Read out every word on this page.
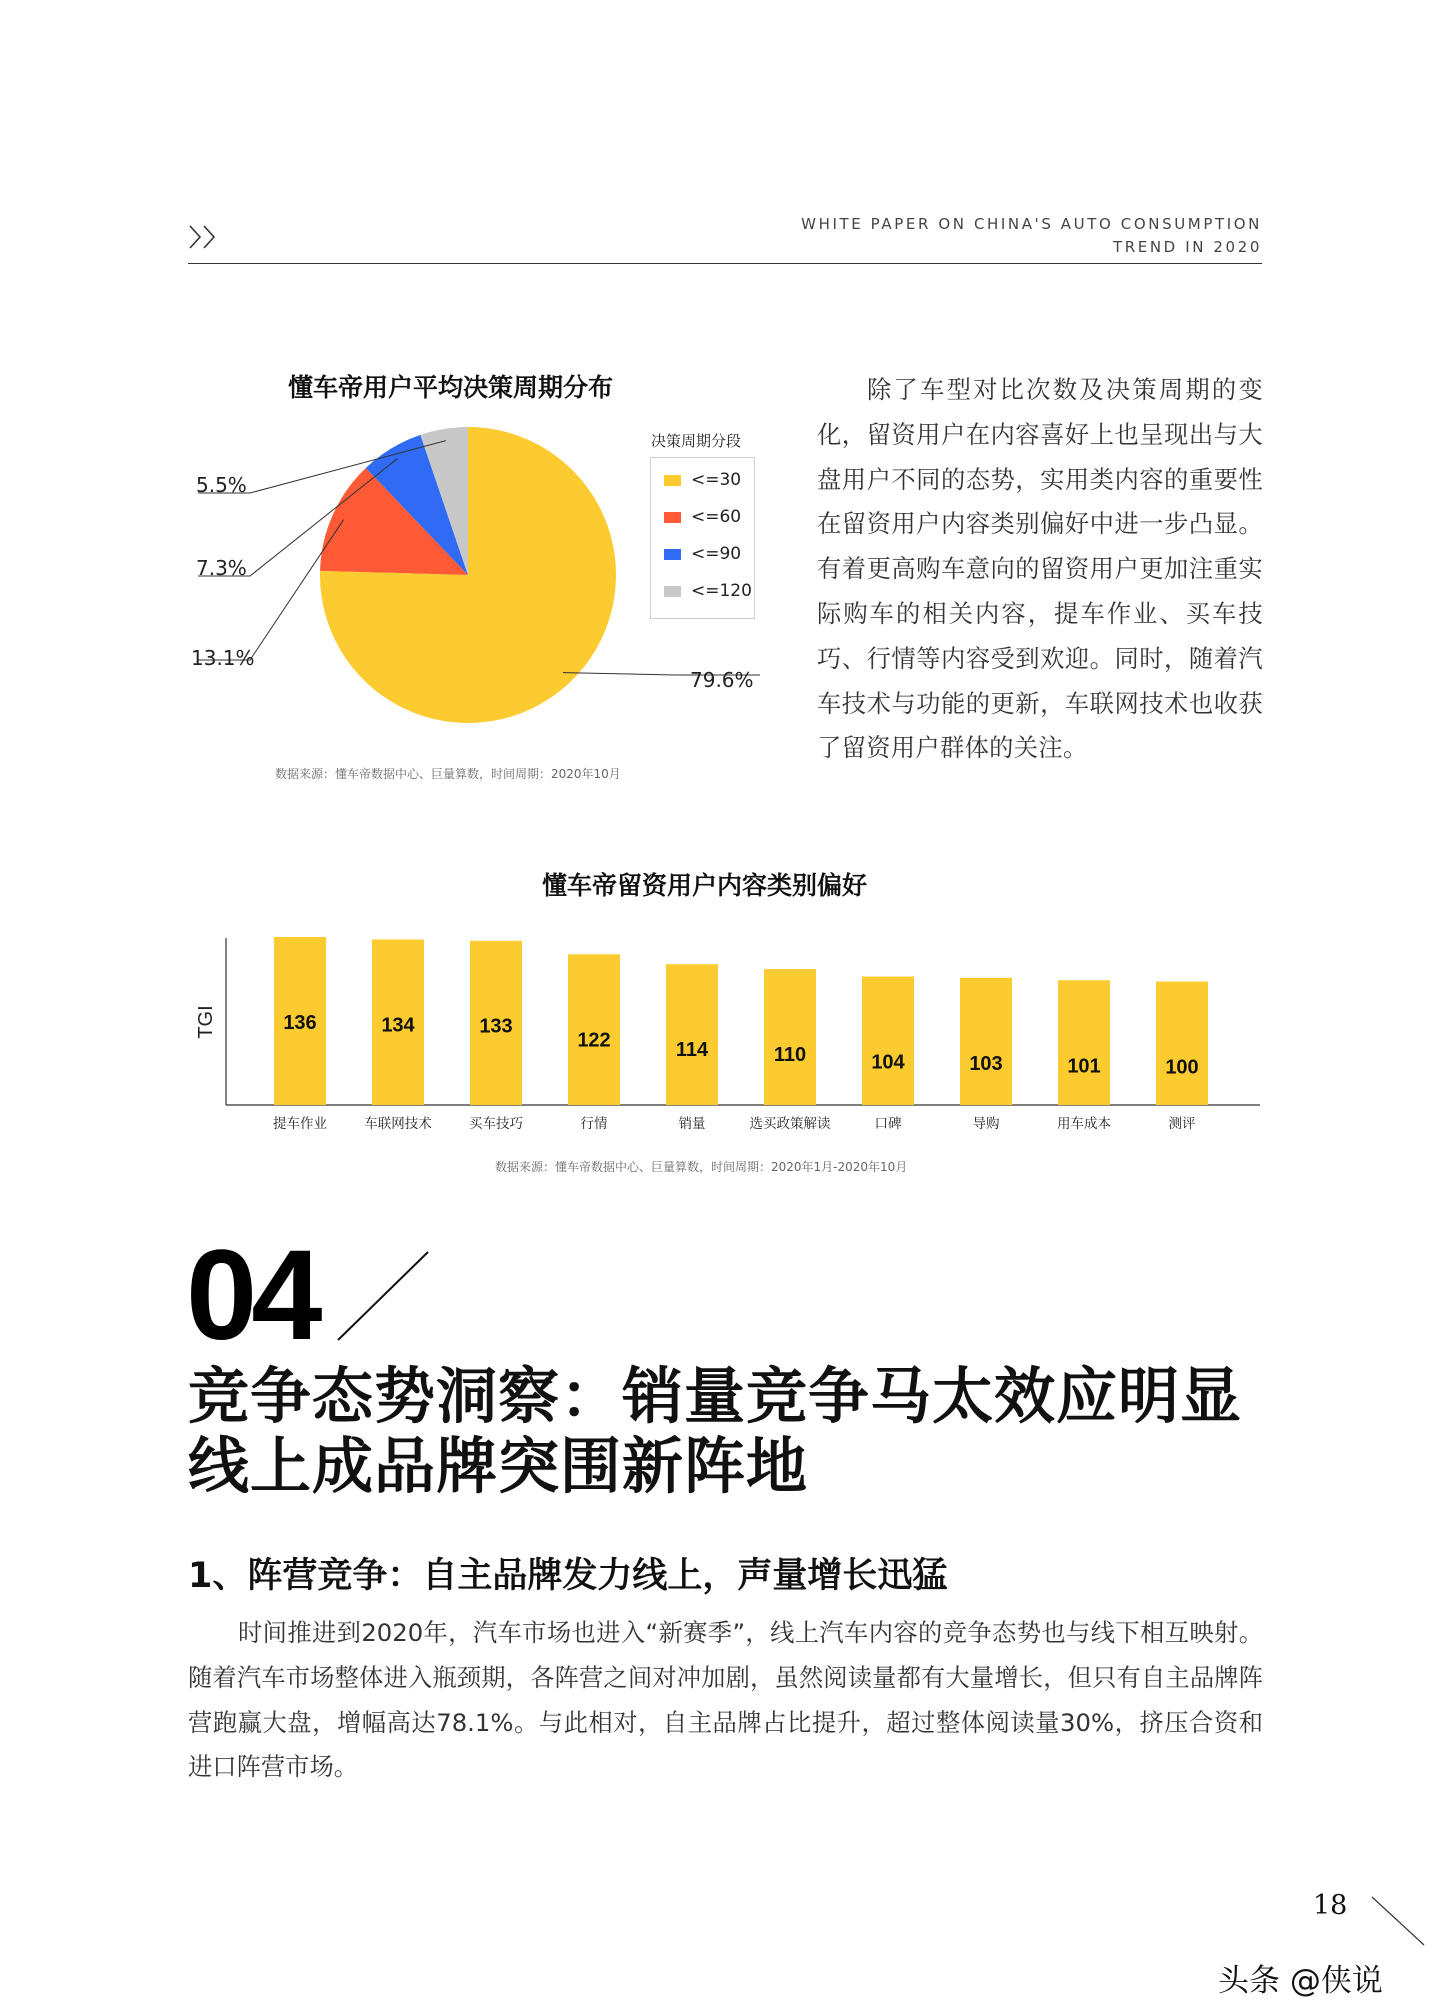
WHITE PAPER ON CHINA'S AUTO CONSUMPTION
TREND IN 2020
懂车帝用户平均决策周期分布
决策周期分段
<=30
<=60
<=90
<=120
5.5%
7.3%
13.1%
79.6%
数据来源：懂车帝数据中心、巨量算数，时间周期：2020年10月
除了车型对比次数及决策周期的变化，留资用户在内容喜好上也呈现出与大盘用户不同的态势，实用类内容的重要性在留资用户内容类别偏好中进一步凸显。有着更高购车意向的留资用户更加注重实际购车的相关内容，提车作业、买车技巧、行情等内容受到欢迎。同时，随着汽车技术与功能的更新，车联网技术也收获了留资用户群体的关注。
懂车帝留资用户内容类别偏好
TGI	136
提车作业
134
车联网技术
133
买车技巧
122
行情
114
销量
110
选买政策解读
104
口碑
103
导购
101
用车成本
100
测评
数据来源：懂车帝数据中心、巨量算数，时间周期：2020年1月-2020年10月
04
竞争态势洞察：销量竞争马太效应明显
线上成品牌突围新阵地
1、阵营竞争：自主品牌发力线上，声量增长迅猛
时间推进到2020年，汽车市场也进入“新赛季”，线上汽车内容的竞争态势也与线下相互映射。随着汽车市场整体进入瓶颈期，各阵营之间对冲加剧，虽然阅读量都有大量增长，但只有自主品牌阵营跑赢大盘，增幅高达78.1%。与此相对，自主品牌占比提升，超过整体阅读量30%，挤压合资和进口阵营市场。
18
头条 @侠说
